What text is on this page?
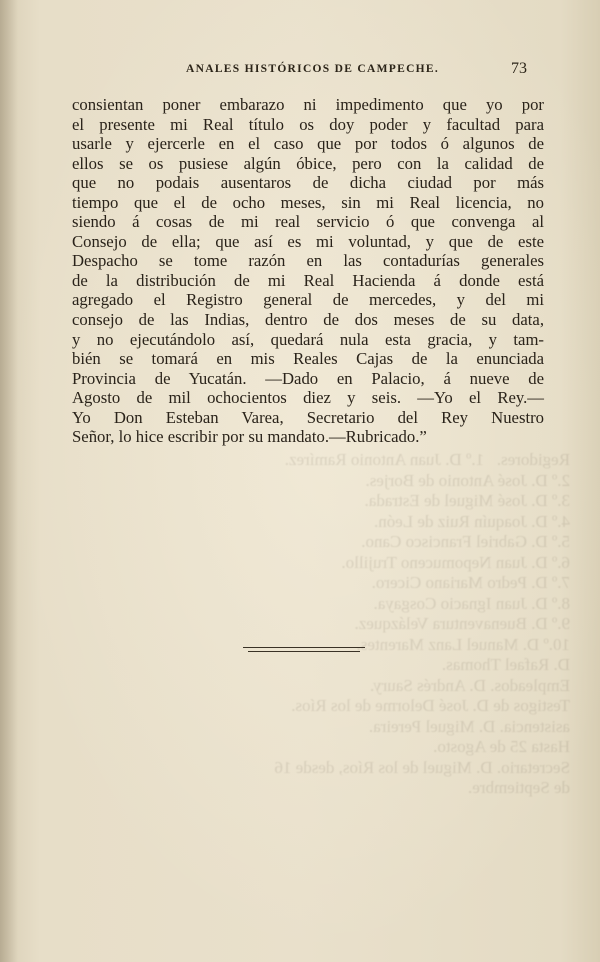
Regidores.   1.º D. Juan Antonio Ramírez.
2.º D. José Antonio de Borjes.
3.º D. José Miguel de Estrada.
4.º D. Joaquín Ruiz de León.
5.º D. Gabriel Francisco Cano.
6.º D. Juan Nepomuceno Trujillo.
7.º D. Pedro Mariano Cicero.
8.º D. Juan Ignacio Cosgaya.
9.º D. Buenaventura Velázquez.
10.º D. Manuel Lanz Marentes.
D. Rafael Thomas.
Empleados. D. Andrés Saury.
Testigos de D. José Delorme de los Ríos.
asistencia. D. Miguel Pereira.
Hasta 25 de Agosto.
Secretario. D. Miguel de los Ríos, desde 16
de Septiembre.
ANALES HISTÓRICOS DE CAMPECHE.	73
consientan poner embarazo ni impedimento que yo por
el presente mi Real título os doy poder y facultad para
usarle y ejercerle en el caso que por todos ó algunos de
ellos se os pusiese algún óbice, pero con la calidad de
que no podais ausentaros de dicha ciudad por más
tiempo que el de ocho meses, sin mi Real licencia, no
siendo á cosas de mi real servicio ó que convenga al
Consejo de ella; que así es mi voluntad, y que de este
Despacho se tome razón en las contadurías generales
de la distribución de mi Real Hacienda á donde está
agregado el Registro general de mercedes, y del mi
consejo de las Indias, dentro de dos meses de su data,
y no ejecutándolo así, quedará nula esta gracia, y tam-
bién se tomará en mis Reales Cajas de la enunciada
Provincia de Yucatán. —Dado en Palacio, á nueve de
Agosto de mil ochocientos diez y seis. —Yo el Rey.—
Yo Don Esteban Varea, Secretario del Rey Nuestro
Señor, lo hice escribir por su mandato.—Rubricado.”
